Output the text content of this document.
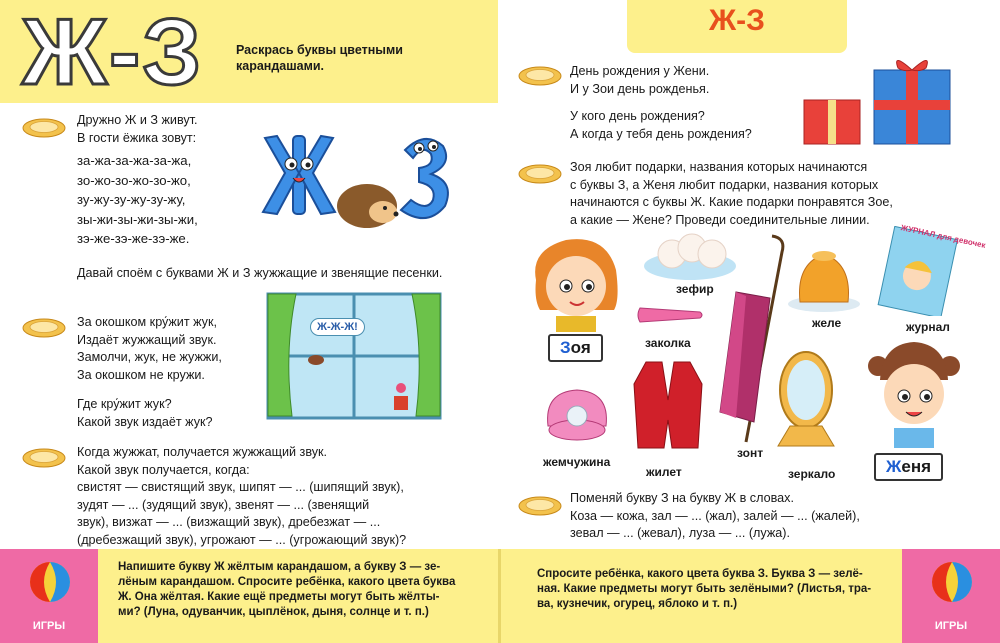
Ж-З	Раскрась буквы цветными карандашами.
Дружно Ж и З живут.
В гости ёжика зовут:
за-жа-за-жа-за-жа,
зо-жо-зо-жо-зо-жо,
зу-жу-зу-жу-зу-жу,
зы-жи-зы-жи-зы-жи,
зэ-же-зэ-же-зэ-же.
Давай споём с буквами Ж и З жужжащие и звенящие песенки.
За окошком кру́жит жук,
Издаёт жужжащий звук.
Замолчи, жук, не жужжи,
За окошком не кружи.
Где кру́жит жук?
Какой звук издаёт жук?
Ж-Ж-Ж!
Когда жужжат, получается жужжащий звук.
Какой звук получается, когда:
свистят — свистящий звук, шипят — ... (шипящий звук),
зудят — ... (зудящий звук), звенят — ... (звенящий
звук), визжат — ... (визжащий звук), дребезжат — ...
(дребезжащий звук), угрожают — ... (угрожающий звук)?
Ж-З
День рождения у Жени.
И у Зои день рожденья.
У кого день рождения?
А когда у тебя день рождения?
Зоя любит подарки, названия которых начинаются
с буквы З, а Женя любит подарки, названия которых
начинаются с буквы Ж. Какие подарки понравятся Зое,
а какие — Жене? Проведи соединительные линии.
Зоя
зефир
заколка
зонт
желе
ЖУРНАЛ для девочек
журнал
жемчужина
жилет	зеркало	Женя
Поменяй букву З на букву Ж в словах.
Коза — кожа, зал — ... (жал), залей — ... (жалей),
зевал — ... (жевал), луза — ... (лужа).
ИГРЫ	ИГРЫ
Напишите букву Ж жёлтым карандашом, а букву З — зе-
лёным карандашом. Спросите ребёнка, какого цвета буква
Ж. Она жёлтая. Какие ещё предметы могут быть жёлты-
ми? (Луна, одуванчик, цыплёнок, дыня, солнце и т. п.)
Спросите ребёнка, какого цвета буква З. Буква З — зелё-
ная. Какие предметы могут быть зелёными? (Листья, тра-
ва, кузнечик, огурец, яблоко и т. п.)
